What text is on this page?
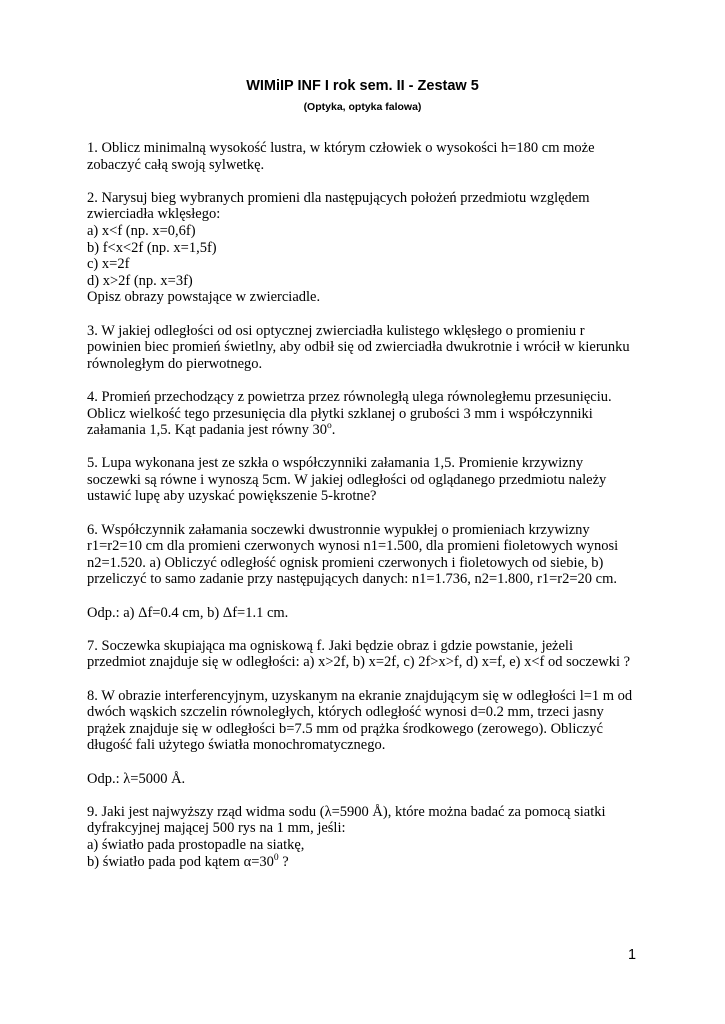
WIMiIP INF I rok sem. II - Zestaw 5
(Optyka, optyka falowa)

1. Oblicz minimalną wysokość lustra, w którym człowiek o wysokości h=180 cm może
zobaczyć całą swoją sylwetkę.

2. Narysuj bieg wybranych promieni dla następujących położeń przedmiotu względem
zwierciadła wklęsłego:
a) x<f (np. x=0,6f)
b) f<x<2f (np. x=1,5f)
c) x=2f
d) x>2f (np. x=3f)
Opisz obrazy powstające w zwierciadle.

3. W jakiej odległości od osi optycznej zwierciadła kulistego wklęsłego o promieniu r
powinien biec promień świetlny, aby odbił się od zwierciadła dwukrotnie i wrócił w kierunku
równoległym do pierwotnego.

4. Promień przechodzący z powietrza przez równoległą ulega równoległemu przesunięciu.
Oblicz wielkość tego przesunięcia dla płytki szklanej o grubości 3 mm i współczynniki
załamania 1,5. Kąt padania jest równy 30$^o$.

5. Lupa wykonana jest ze szkła o współczynniki załamania 1,5. Promienie krzywizny
soczewki są równe i wynoszą 5cm. W jakiej odległości od oglądanego przedmiotu należy
ustawić lupę aby uzyskać powiększenie 5-krotne?

6. Współczynnik załamania soczewki dwustronnie wypukłej o promieniach krzywizny
r1=r2=10 cm dla promieni czerwonych wynosi n1=1.500, dla promieni fioletowych wynosi
n2=1.520. a) Obliczyć odległość ognisk promieni czerwonych i fioletowych od siebie, b)
przeliczyć to samo zadanie przy następujących danych: n1=1.736, n2=1.800, r1=r2=20 cm.

Odp.: a) Δf=0.4 cm, b) Δf=1.1 cm.

7. Soczewka skupiająca ma ogniskową f. Jaki będzie obraz i gdzie powstanie, jeżeli
przedmiot znajduje się w odległości: a) x>2f, b) x=2f, c) 2f>x>f, d) x=f, e) x<f od soczewki ?

8. W obrazie interferencyjnym, uzyskanym na ekranie znajdującym się w odległości l=1 m od
dwóch wąskich szczelin równoległych, których odległość wynosi d=0.2 mm, trzeci jasny
prążek znajduje się w odległości b=7.5 mm od prążka środkowego (zerowego). Obliczyć
długość fali użytego światła monochromatycznego.

Odp.: λ=5000 Å.

9. Jaki jest najwyższy rząd widma sodu (λ=5900 Å), które można badać za pomocą siatki
dyfrakcyjnej mającej 500 rys na 1 mm, jeśli:
a) światło pada prostopadle na siatkę,
b) światło pada pod kątem $\alpha=30^0$ ?

1
